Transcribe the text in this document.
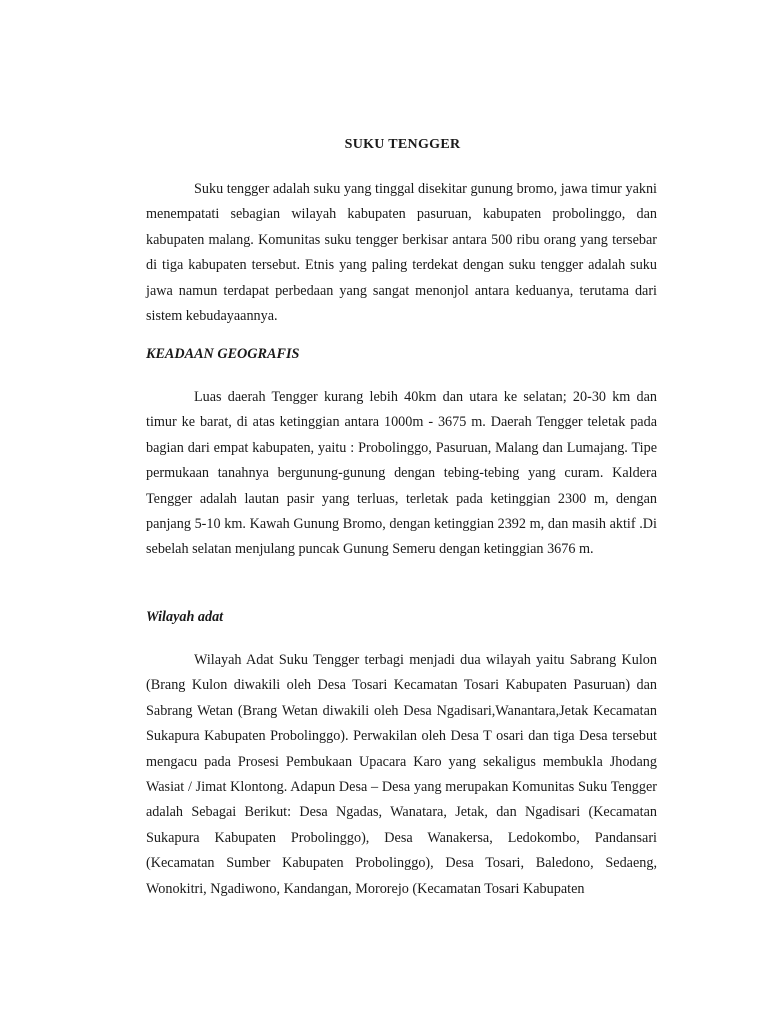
SUKU TENGGER

Suku tengger adalah suku yang tinggal disekitar gunung bromo, jawa timur yakni menempatati sebagian wilayah kabupaten pasuruan, kabupaten probolinggo, dan kabupaten malang. Komunitas suku tengger berkisar antara 500 ribu orang yang tersebar di tiga kabupaten tersebut. Etnis yang paling terdekat dengan suku tengger adalah suku jawa namun terdapat perbedaan yang sangat menonjol antara keduanya, terutama dari sistem kebudayaannya.

KEADAAN GEOGRAFIS

Luas daerah Tengger kurang lebih 40km dan utara ke selatan; 20-30 km dan timur ke barat, di atas ketinggian antara 1000m - 3675 m. Daerah Tengger teletak pada bagian dari empat kabupaten, yaitu : Probolinggo, Pasuruan, Malang dan Lumajang. Tipe permukaan tanahnya bergunung-gunung dengan tebing-tebing yang curam. Kaldera Tengger adalah lautan pasir yang terluas, terletak pada ketinggian 2300 m, dengan panjang 5-10 km. Kawah Gunung Bromo, dengan ketinggian 2392 m, dan masih aktif .Di sebelah selatan menjulang puncak Gunung Semeru dengan ketinggian 3676 m.

Wilayah adat

Wilayah Adat Suku Tengger terbagi menjadi dua wilayah yaitu Sabrang Kulon (Brang Kulon diwakili oleh Desa Tosari Kecamatan Tosari Kabupaten Pasuruan) dan Sabrang Wetan (Brang Wetan diwakili oleh Desa Ngadisari,Wanantara,Jetak Kecamatan Sukapura Kabupaten Probolinggo). Perwakilan oleh Desa T osari dan tiga Desa tersebut mengacu pada Prosesi Pembukaan Upacara Karo yang sekaligus membukla Jhodang Wasiat / Jimat Klontong. Adapun Desa – Desa yang merupakan Komunitas Suku Tengger adalah Sebagai Berikut: Desa Ngadas, Wanatara, Jetak, dan Ngadisari (Kecamatan Sukapura Kabupaten Probolinggo), Desa Wanakersa, Ledokombo, Pandansari (Kecamatan Sumber Kabupaten Probolinggo), Desa Tosari, Baledono, Sedaeng, Wonokitri, Ngadiwono, Kandangan, Mororejo (Kecamatan Tosari Kabupaten
